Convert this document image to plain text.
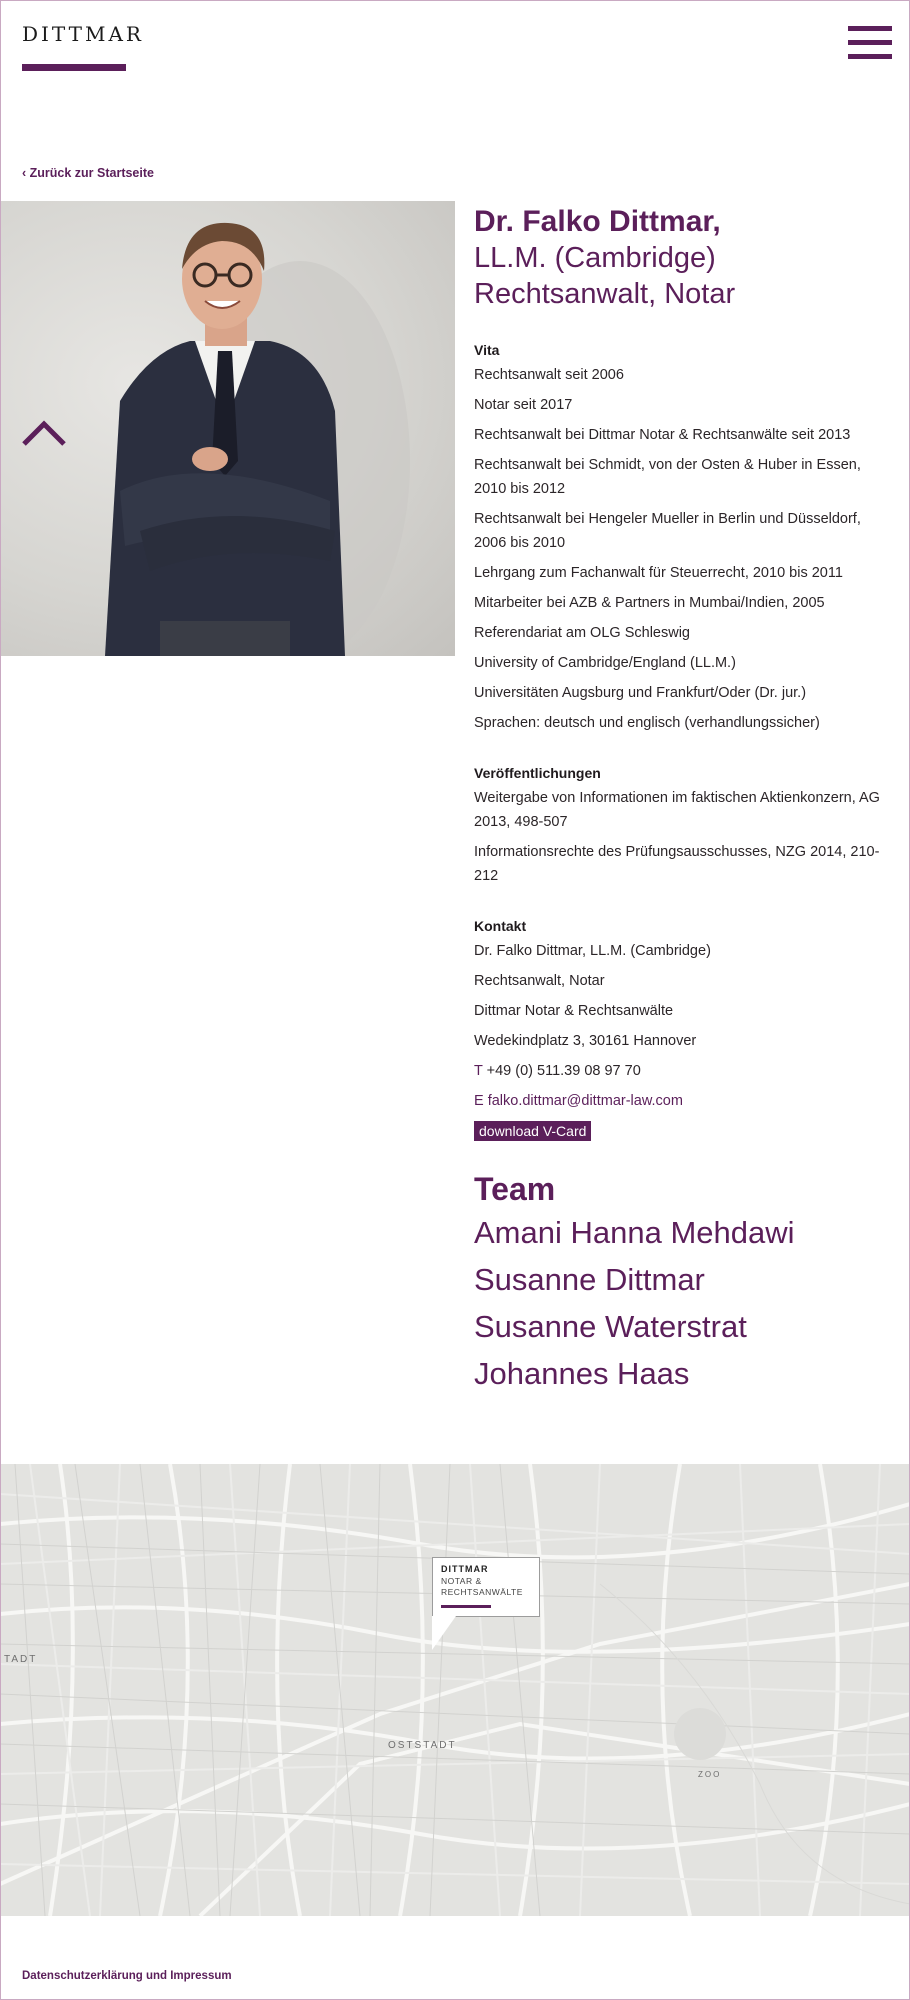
DITTMAR
‹ Zurück zur Startseite
Dr. Falko Dittmar,
LL.M. (Cambridge)
Rechtsanwalt, Notar
Vita
Rechtsanwalt seit 2006
Notar seit 2017
Rechtsanwalt bei Dittmar Notar & Rechtsanwälte seit 2013
Rechtsanwalt bei Schmidt, von der Osten & Huber in Essen, 2010 bis 2012
Rechtsanwalt bei Hengeler Mueller in Berlin und Düsseldorf, 2006 bis 2010
Lehrgang zum Fachanwalt für Steuerrecht, 2010 bis 2011
Mitarbeiter bei AZB & Partners in Mumbai/Indien, 2005
Referendariat am OLG Schleswig
University of Cambridge/England (LL.M.)
Universitäten Augsburg und Frankfurt/Oder (Dr. jur.)
Sprachen: deutsch und englisch (verhandlungssicher)
Veröffentlichungen
Weitergabe von Informationen im faktischen Aktienkonzern, AG 2013, 498-507
Informationsrechte des Prüfungsausschusses, NZG 2014, 210-212
Kontakt
Dr. Falko Dittmar, LL.M. (Cambridge)
Rechtsanwalt, Notar
Dittmar Notar & Rechtsanwälte
Wedekindplatz 3, 30161 Hannover
T +49 (0) 511.39 08 97 70
E falko.dittmar@dittmar-law.com
download V-Card
Team
Amani Hanna Mehdawi
Susanne Dittmar
Susanne Waterstrat
Johannes Haas
TADT
OSTSTADT
ZOO
DITTMAR
NOTAR &
RECHTSANWÄLTE
Datenschutzerklärung und Impressum
